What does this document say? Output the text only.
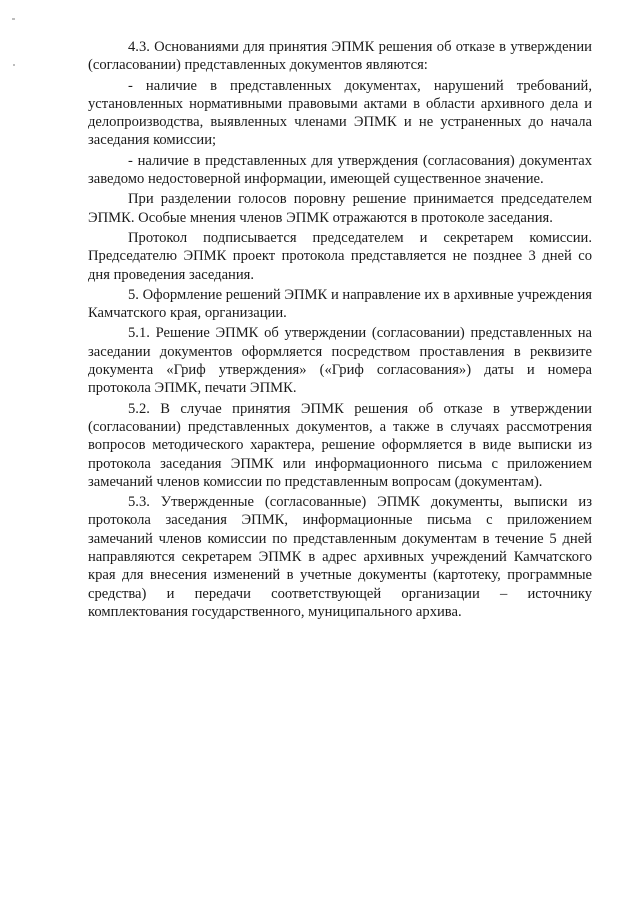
4.3. Основаниями для принятия ЭПМК решения об отказе в утверждении (согласовании) представленных документов являются:

- наличие в представленных документах, нарушений требований, установленных нормативными правовыми актами в области архивного дела и делопроизводства, выявленных членами ЭПМК и не устраненных до начала заседания комиссии;

- наличие в представленных для утверждения (согласования) документах заведомо недостоверной информации, имеющей существенное значение.

При разделении голосов поровну решение принимается председателем ЭПМК. Особые мнения членов ЭПМК отражаются в протоколе заседания.

Протокол подписывается председателем и секретарем комиссии. Председателю ЭПМК проект протокола представляется не позднее 3 дней со дня проведения заседания.

5. Оформление решений ЭПМК и направление их в архивные учреждения Камчатского края, организации.

5.1. Решение ЭПМК об утверждении (согласовании) представленных на заседании документов оформляется посредством проставления в реквизите документа «Гриф утверждения» («Гриф согласования») даты и номера протокола ЭПМК, печати ЭПМК.

5.2. В случае принятия ЭПМК решения об отказе в утверждении (согласовании) представленных документов, а также в случаях рассмотрения вопросов методического характера, решение оформляется в виде выписки из протокола заседания ЭПМК или информационного письма с приложением замечаний членов комиссии по представленным вопросам (документам).

5.3. Утвержденные (согласованные) ЭПМК документы, выписки из протокола заседания ЭПМК, информационные письма с приложением замечаний членов комиссии по представленным документам в течение 5 дней направляются секретарем ЭПМК в адрес архивных учреждений Камчатского края для внесения изменений в учетные документы (картотеку, программные средства) и передачи соответствующей организации – источнику комплектования государственного, муниципального архива.
